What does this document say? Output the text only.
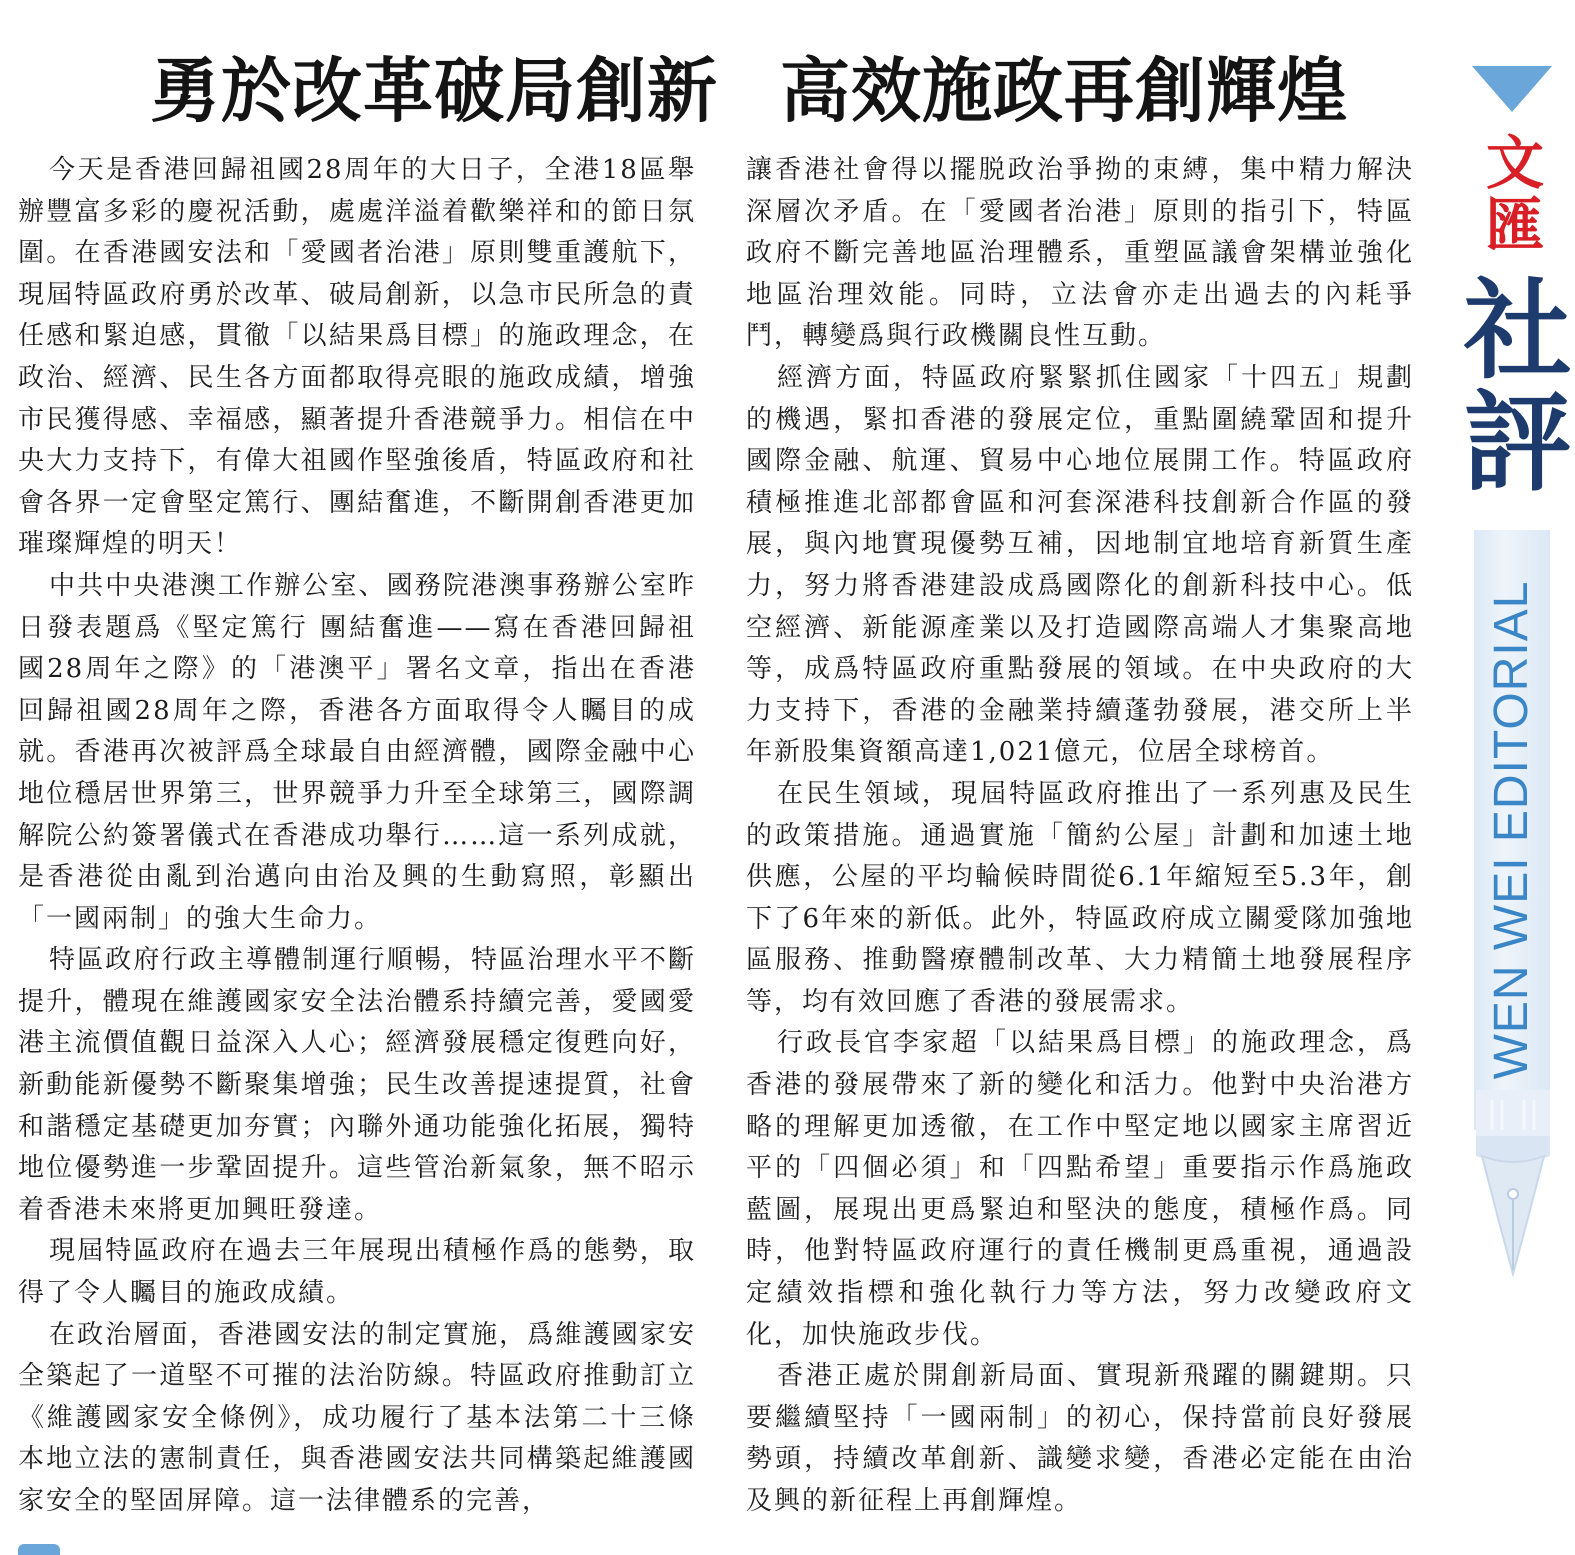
勇於改革破局創新 高效施政再創輝煌

今天是香港回歸祖國28周年的大日子，全港18區舉辦豐富多彩的慶祝活動，處處洋溢着歡樂祥和的節日氛圍。在香港國安法和「愛國者治港」原則雙重護航下，現屆特區政府勇於改革、破局創新，以急市民所急的責任感和緊迫感，貫徹「以結果爲目標」的施政理念，在政治、經濟、民生各方面都取得亮眼的施政成績，增強市民獲得感、幸福感，顯著提升香港競爭力。相信在中央大力支持下，有偉大祖國作堅強後盾，特區政府和社會各界一定會堅定篤行、團結奮進，不斷開創香港更加璀璨輝煌的明天！

中共中央港澳工作辦公室、國務院港澳事務辦公室昨日發表題爲《堅定篤行 團結奮進——寫在香港回歸祖國28周年之際》的「港澳平」署名文章，指出在香港回歸祖國28周年之際，香港各方面取得令人矚目的成就。香港再次被評爲全球最自由經濟體，國際金融中心地位穩居世界第三，世界競爭力升至全球第三，國際調解院公約簽署儀式在香港成功舉行……這一系列成就，是香港從由亂到治邁向由治及興的生動寫照，彰顯出「一國兩制」的強大生命力。

特區政府行政主導體制運行順暢，特區治理水平不斷提升，體現在維護國家安全法治體系持續完善，愛國愛港主流價值觀日益深入人心；經濟發展穩定復甦向好，新動能新優勢不斷聚集增強；民生改善提速提質，社會和諧穩定基礎更加夯實；內聯外通功能強化拓展，獨特地位優勢進一步鞏固提升。這些管治新氣象，無不昭示着香港未來將更加興旺發達。

現屆特區政府在過去三年展現出積極作爲的態勢，取得了令人矚目的施政成績。

在政治層面，香港國安法的制定實施，爲維護國家安全築起了一道堅不可摧的法治防線。特區政府推動訂立《維護國家安全條例》，成功履行了基本法第二十三條本地立法的憲制責任，與香港國安法共同構築起維護國家安全的堅固屏障。這一法律體系的完善，

讓香港社會得以擺脱政治爭拗的束縛，集中精力解決深層次矛盾。在「愛國者治港」原則的指引下，特區政府不斷完善地區治理體系，重塑區議會架構並強化地區治理效能。同時，立法會亦走出過去的內耗爭鬥，轉變爲與行政機關良性互動。

經濟方面，特區政府緊緊抓住國家「十四五」規劃的機遇，緊扣香港的發展定位，重點圍繞鞏固和提升國際金融、航運、貿易中心地位展開工作。特區政府積極推進北部都會區和河套深港科技創新合作區的發展，與內地實現優勢互補，因地制宜地培育新質生產力，努力將香港建設成爲國際化的創新科技中心。低空經濟、新能源產業以及打造國際高端人才集聚高地等，成爲特區政府重點發展的領域。在中央政府的大力支持下，香港的金融業持續蓬勃發展，港交所上半年新股集資額高達1,021億元，位居全球榜首。

在民生領域，現屆特區政府推出了一系列惠及民生的政策措施。通過實施「簡約公屋」計劃和加速土地供應，公屋的平均輪候時間從6.1年縮短至5.3年，創下了6年來的新低。此外，特區政府成立關愛隊加強地區服務、推動醫療體制改革、大力精簡土地發展程序等，均有效回應了香港的發展需求。

行政長官李家超「以結果爲目標」的施政理念，爲香港的發展帶來了新的變化和活力。他對中央治港方略的理解更加透徹，在工作中堅定地以國家主席習近平的「四個必須」和「四點希望」重要指示作爲施政藍圖，展現出更爲緊迫和堅決的態度，積極作爲。同時，他對特區政府運行的責任機制更爲重視，通過設定績效指標和強化執行力等方法，努力改變政府文化，加快施政步伐。

香港正處於開創新局面、實現新飛躍的關鍵期。只要繼續堅持「一國兩制」的初心，保持當前良好發展勢頭，持續改革創新、識變求變，香港必定能在由治及興的新征程上再創輝煌。

文
匯
社
評
WEN WEI EDITORIAL
